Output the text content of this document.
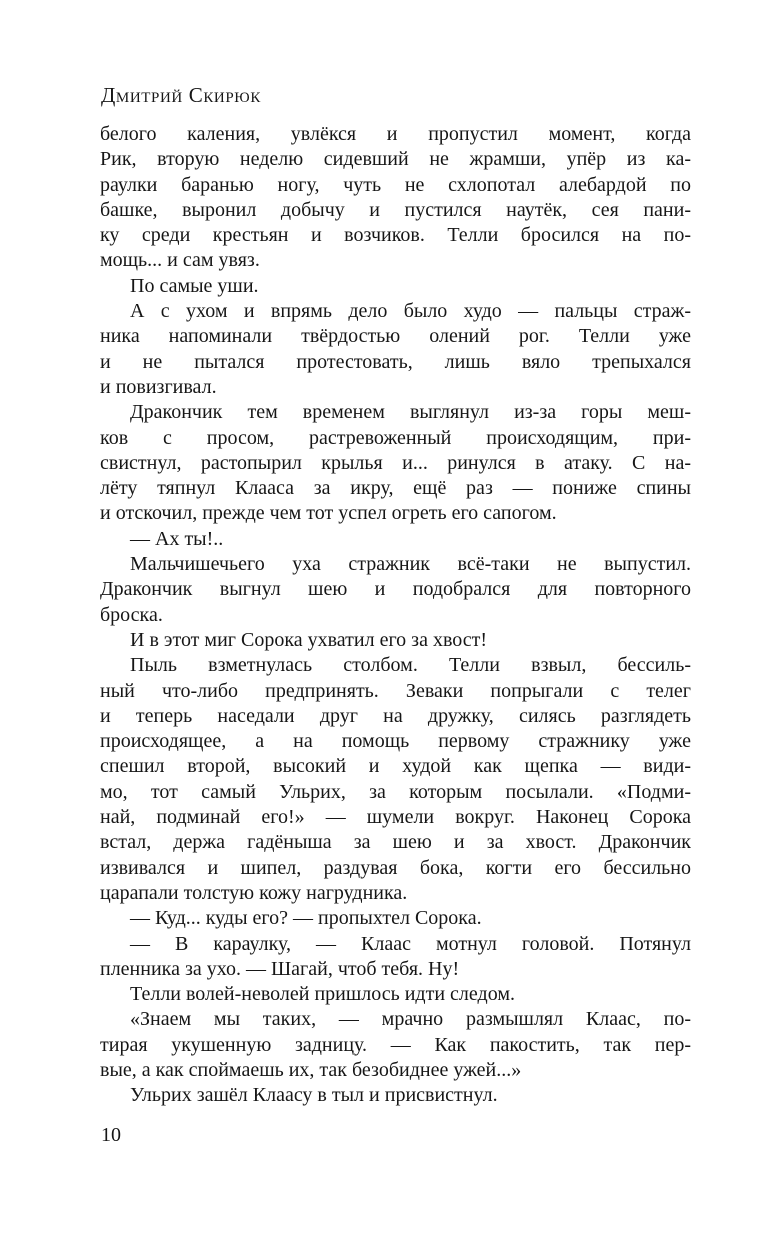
Дмитрий Скирюк
белого каления, увлёкся и пропустил момент, когда
Рик, вторую неделю сидевший не жрамши, упёр из ка-
раулки баранью ногу, чуть не схлопотал алебардой по
башке, выронил добычу и пустился наутёк, сея пани-
ку среди крестьян и возчиков. Телли бросился на по-
мощь... и сам увяз.
По самые уши.
А с ухом и впрямь дело было худо — пальцы страж-
ника напоминали твёрдостью олений рог. Телли уже
и не пытался протестовать, лишь вяло трепыхался
и повизгивал.
Дракончик тем временем выглянул из-за горы меш-
ков с просом, растревоженный происходящим, при-
свистнул, растопырил крылья и... ринулся в атаку. С на-
лёту тяпнул Клааса за икру, ещё раз — пониже спины
и отскочил, прежде чем тот успел огреть его сапогом.
— Ах ты!..
Мальчишечьего уха стражник всё-таки не выпустил.
Дракончик выгнул шею и подобрался для повторного
броска.
И в этот миг Сорока ухватил его за хвост!
Пыль взметнулась столбом. Телли взвыл, бессиль-
ный что-либо предпринять. Зеваки попрыгали с телег
и теперь наседали друг на дружку, силясь разглядеть
происходящее, а на помощь первому стражнику уже
спешил второй, высокий и худой как щепка — види-
мо, тот самый Ульрих, за которым посылали. «Подми-
най, подминай его!» — шумели вокруг. Наконец Сорока
встал, держа гадёныша за шею и за хвост. Дракончик
извивался и шипел, раздувая бока, когти его бессильно
царапали толстую кожу нагрудника.
— Куд... куды его? — пропыхтел Сорока.
— В караулку, — Клаас мотнул головой. Потянул
пленника за ухо. — Шагай, чтоб тебя. Ну!
Телли волей-неволей пришлось идти следом.
«Знаем мы таких, — мрачно размышлял Клаас, по-
тирая укушенную задницу. — Как пакостить, так пер-
вые, а как споймаешь их, так безобиднее ужей...»
Ульрих зашёл Клаасу в тыл и присвистнул.
10
